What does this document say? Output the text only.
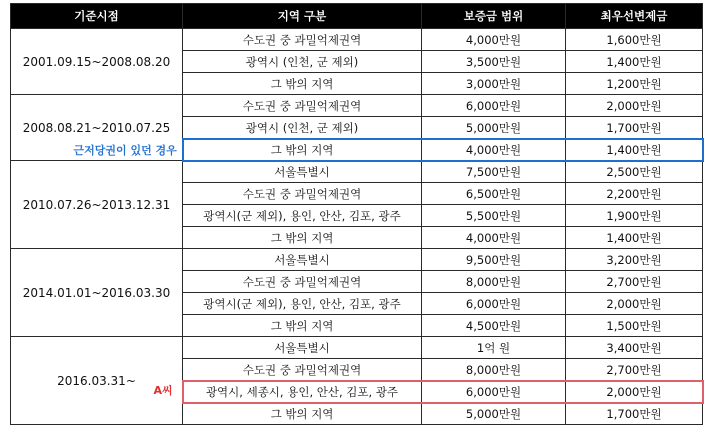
기준시점	지역 구분	보증금 범위	최우선변제금
2001.09.15~2008.08.20	수도권 중 과밀억제권역	4,000만원	1,600만원
	광역시 (인천, 군 제외)	3,500만원	1,400만원
	그 밖의 지역	3,000만원	1,200만원
2008.08.21~2010.07.25	수도권 중 과밀억제권역	6,000만원	2,000만원
	광역시 (인천, 군 제외)	5,000만원	1,700만원
	그 밖의 지역	4,000만원	1,400만원
2010.07.26~2013.12.31	서울특별시	7,500만원	2,500만원
	수도권 중 과밀억제권역	6,500만원	2,200만원
	광역시(군 제외), 용인, 안산, 김포, 광주	5,500만원	1,900만원
	그 밖의 지역	4,000만원	1,400만원
2014.01.01~2016.03.30	서울특별시	9,500만원	3,200만원
	수도권 중 과밀억제권역	8,000만원	2,700만원
	광역시(군 제외), 용인, 안산, 김포, 광주	6,000만원	2,000만원
	그 밖의 지역	4,500만원	1,500만원
2016.03.31~	서울특별시	1억 원	3,400만원
	수도권 중 과밀억제권역	8,000만원	2,700만원
	광역시, 세종시, 용인, 안산, 김포, 광주	6,000만원	2,000만원
	그 밖의 지역	5,000만원	1,700만원
근저당권이 있던 경우
A씨
